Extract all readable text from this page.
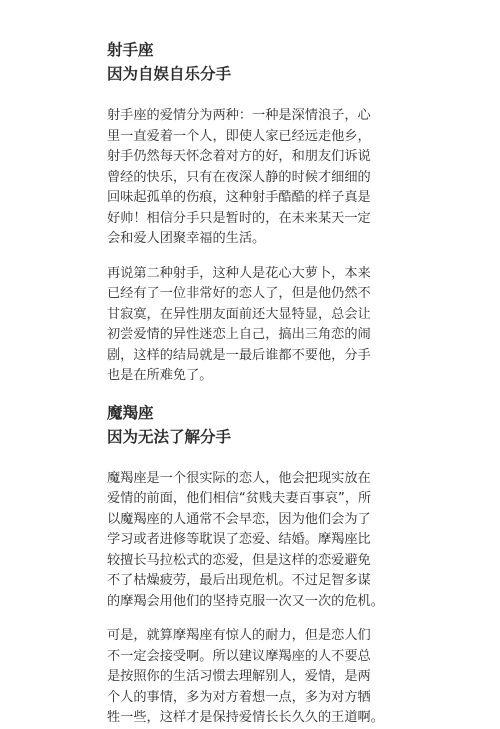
射手座

因为自娱自乐分手

射手座的爱情分为两种：一种是深情浪子，心
里一直爱着一个人，即使人家已经远走他乡，
射手仍然每天怀念着对方的好，和朋友们诉说
曾经的快乐，只有在夜深人静的时候才细细的
回味起孤单的伤痕，这种射手酷酷的样子真是
好帅！相信分手只是暂时的，在未来某天一定
会和爱人团聚幸福的生活。

再说第二种射手，这种人是花心大萝卜，本来
已经有了一位非常好的恋人了，但是他仍然不
甘寂寞，在异性朋友面前还大显特显，总会让
初尝爱情的异性迷恋上自己，搞出三角恋的闹
剧，这样的结局就是一最后谁都不要他，分手
也是在所难免了。

魔羯座

因为无法了解分手

魔羯座是一个很实际的恋人，他会把现实放在
爱情的前面，他们相信“贫贱夫妻百事哀”，所
以魔羯座的人通常不会早恋，因为他们会为了
学习或者进修等耽误了恋爱、结婚。摩羯座比
较擅长马拉松式的恋爱，但是这样的恋爱避免
不了枯燥疲劳，最后出现危机。不过足智多谋
的摩羯会用他们的坚持克服一次又一次的危机。

可是，就算摩羯座有惊人的耐力，但是恋人们
不一定会接受啊。所以建议摩羯座的人不要总
是按照你的生活习惯去理解别人，爱情，是两
个人的事情，多为对方着想一点，多为对方牺
牲一些，这样才是保持爱情长长久久的王道啊。
